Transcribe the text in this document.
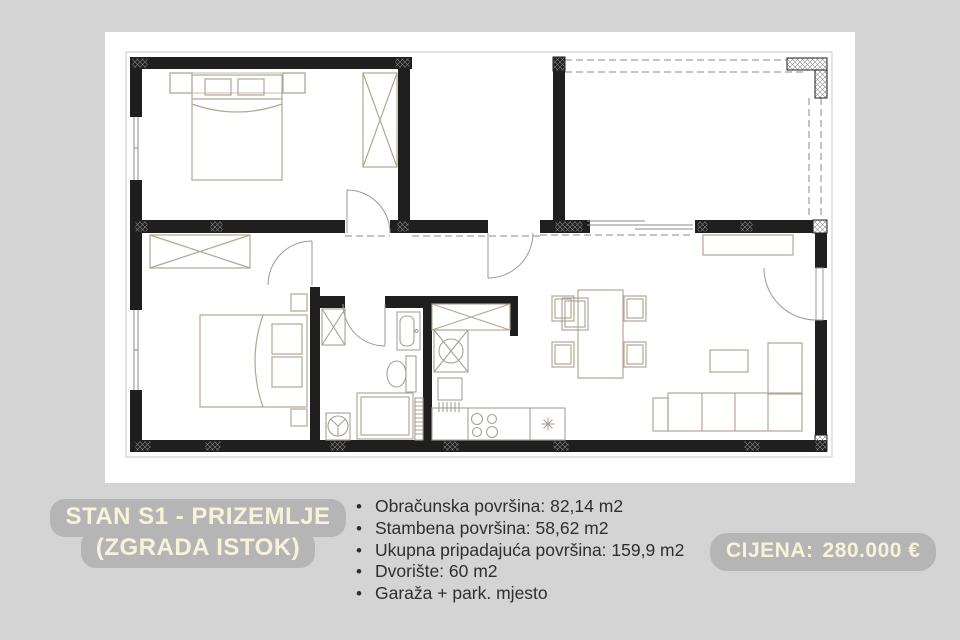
STAN S1 - PRIZEMLJE
(ZGRADA ISTOK)
• Obračunska površina: 82,14 m2
• Stambena površina: 58,62 m2
• Ukupna pripadajuća površina: 159,9 m2
• Dvorište: 60 m2
• Garaža + park. mjesto
CIJENA: 280.000 €
